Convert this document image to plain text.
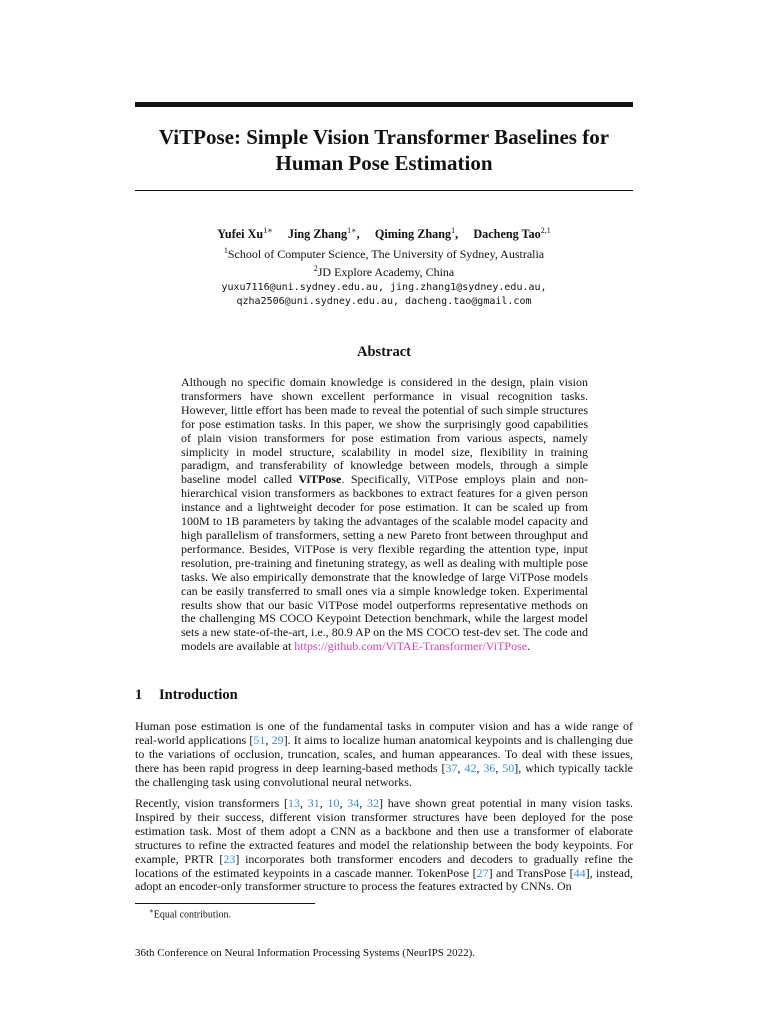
ViTPose: Simple Vision Transformer Baselines for
Human Pose Estimation
Yufei $Xu^{1∗}$ Jing Zhang$^{1∗}$,     Qiming Zhang$^1$,     Dacheng Tao$^{2,1}$
$^1$School of Computer Science, The University of Sydney, Australia
$^2$JD Explore Academy, China
yuxu7116@uni.sydney.edu.au, jing.zhang1@sydney.edu.au,
qzha2506@uni.sydney.edu.au, dacheng.tao@gmail.com
Abstract
Although no specific domain knowledge is considered in the design, plain vision transformers have shown excellent performance in visual recognition tasks. However, little effort has been made to reveal the potential of such simple structures for pose estimation tasks. In this paper, we show the surprisingly good capabilities of plain vision transformers for pose estimation from various aspects, namely simplicity in model structure, scalability in model size, flexibility in training paradigm, and transferability of knowledge between models, through a simple baseline model called ViTPose. Specifically, ViTPose employs plain and non-hierarchical vision transformers as backbones to extract features for a given person instance and a lightweight decoder for pose estimation. It can be scaled up from 100M to 1B parameters by taking the advantages of the scalable model capacity and high parallelism of transformers, setting a new Pareto front between throughput and performance. Besides, ViTPose is very flexible regarding the attention type, input resolution, pre-training and finetuning strategy, as well as dealing with multiple pose tasks. We also empirically demonstrate that the knowledge of large ViTPose models can be easily transferred to small ones via a simple knowledge token. Experimental results show that our basic ViTPose model outperforms representative methods on the challenging MS COCO Keypoint Detection benchmark, while the largest model sets a new state-of-the-art, i.e., 80.9 AP on the MS COCO test-dev set. The code and models are available at https://github.com/ViTAE-Transformer/ViTPose.
1 Introduction
Human pose estimation is one of the fundamental tasks in computer vision and has a wide range of real-world applications [51, 29]. It aims to localize human anatomical keypoints and is challenging due to the variations of occlusion, truncation, scales, and human appearances. To deal with these issues, there has been rapid progress in deep learning-based methods [37, 42, 36, 50], which typically tackle the challenging task using convolutional neural networks.
Recently, vision transformers [13, 31, 10, 34, 32] have shown great potential in many vision tasks. Inspired by their success, different vision transformer structures have been deployed for the pose estimation task. Most of them adopt a CNN as a backbone and then use a transformer of elaborate structures to refine the extracted features and model the relationship between the body keypoints. For example, PRTR [23] incorporates both transformer encoders and decoders to gradually refine the locations of the estimated keypoints in a cascade manner. TokenPose [27] and TransPose [44], instead, adopt an encoder-only transformer structure to process the features extracted by CNNs. On
∗Equal contribution.
36th Conference on Neural Information Processing Systems (NeurIPS 2022).
